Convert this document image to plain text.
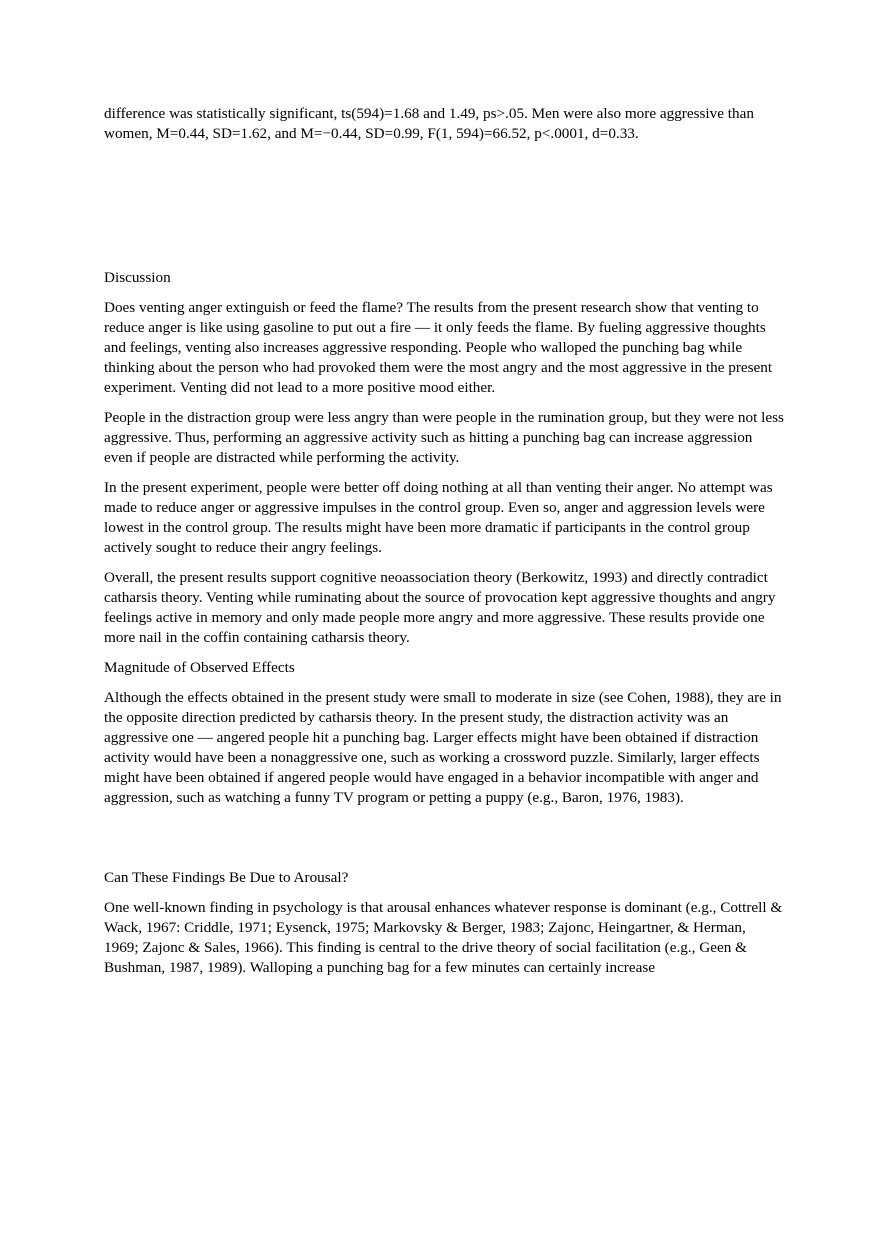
difference was statistically significant, ts(594)=1.68 and 1.49, ps>.05. Men were also more aggressive than women, M=0.44, SD=1.62, and M=−0.44, SD=0.99, F(1, 594)=66.52, p<.0001, d=0.33.

Discussion

Does venting anger extinguish or feed the flame? The results from the present research show that venting to reduce anger is like using gasoline to put out a fire — it only feeds the flame. By fueling aggressive thoughts and feelings, venting also increases aggressive responding. People who walloped the punching bag while thinking about the person who had provoked them were the most angry and the most aggressive in the present experiment. Venting did not lead to a more positive mood either.

People in the distraction group were less angry than were people in the rumination group, but they were not less aggressive. Thus, performing an aggressive activity such as hitting a punching bag can increase aggression even if people are distracted while performing the activity.

In the present experiment, people were better off doing nothing at all than venting their anger. No attempt was made to reduce anger or aggressive impulses in the control group. Even so, anger and aggression levels were lowest in the control group. The results might have been more dramatic if participants in the control group actively sought to reduce their angry feelings.

Overall, the present results support cognitive neoassociation theory (Berkowitz, 1993) and directly contradict catharsis theory. Venting while ruminating about the source of provocation kept aggressive thoughts and angry feelings active in memory and only made people more angry and more aggressive. These results provide one more nail in the coffin containing catharsis theory.

Magnitude of Observed Effects

Although the effects obtained in the present study were small to moderate in size (see Cohen, 1988), they are in the opposite direction predicted by catharsis theory. In the present study, the distraction activity was an aggressive one — angered people hit a punching bag. Larger effects might have been obtained if distraction activity would have been a nonaggressive one, such as working a crossword puzzle. Similarly, larger effects might have been obtained if angered people would have engaged in a behavior incompatible with anger and aggression, such as watching a funny TV program or petting a puppy (e.g., Baron, 1976, 1983).

Can These Findings Be Due to Arousal?

One well-known finding in psychology is that arousal enhances whatever response is dominant (e.g., Cottrell & Wack, 1967: Criddle, 1971; Eysenck, 1975; Markovsky & Berger, 1983; Zajonc, Heingartner, & Herman, 1969; Zajonc & Sales, 1966). This finding is central to the drive theory of social facilitation (e.g., Geen & Bushman, 1987, 1989). Walloping a punching bag for a few minutes can certainly increase
